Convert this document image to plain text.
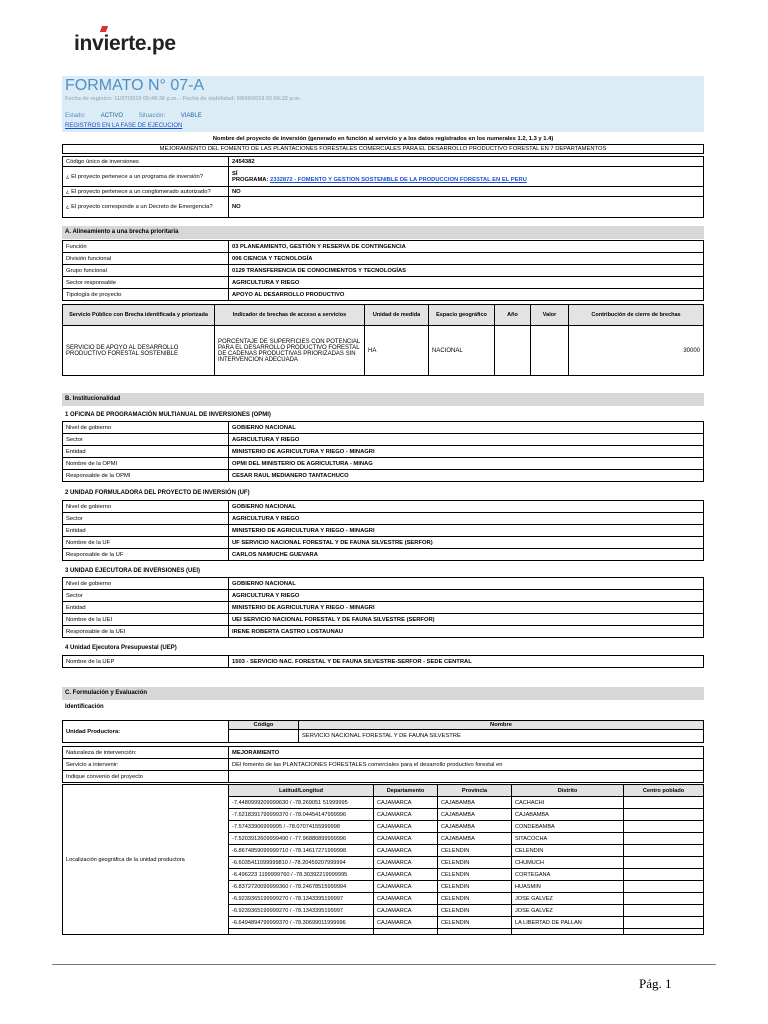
invierte.pe
FORMATO N° 07-A
Fecha de registro: 11/07/2019 05:48:36 p.m. - Fecha de viabilidad: 09/09/2019 03:56:22 p.m.
Estado:	ACTIVO	Situación:	VIABLE
REGISTROS EN LA FASE DE EJECUCION
Nombre del proyecto de inversión (generado en función al servicio y a los datos registrados en los numerales 1.2, 1.3 y 1.4)
MEJORAMIENTO DEL FOMENTO DE LAS PLANTACIONES FORESTALES COMERCIALES PARA EL DESARROLLO PRODUCTIVO FORESTAL EN 7 DEPARTAMENTOS
Código único de inversiones	2454382
¿ El proyecto pertenece a un programa de inversión?	SÍ
PROGRAMA: 2332872 - FOMENTO Y GESTION SOSTENIBLE DE LA PRODUCCION FORESTAL EN EL PERU

¿ El proyecto pertenece a un conglomerado autorizado?	NO
¿ El proyecto corresponde a un Decreto de Emergencia?	NO
A. Alineamiento a una brecha prioritaria
Función	03 PLANEAMIENTO, GESTIÓN Y RESERVA DE CONTINGENCIA
División funcional	006 CIENCIA Y TECNOLOGÍA
Grupo funcional	0129 TRANSFERENCIA DE CONOCIMIENTOS Y TECNOLOGÍAS
Sector responsable	AGRICULTURA Y RIEGO
Tipología de proyecto	APOYO AL DESARROLLO PRODUCTIVO
Servicio Público con Brecha identificada y priorizada	Indicador de brechas de acceso a servicios	Unidad de medida	Espacio geográfico	Año	Valor	Contribución de cierre de brechas
SERVICIO DE APOYO AL DESARROLLO PRODUCTIVO FORESTAL SOSTENIBLE	PORCENTAJE DE SUPERFICIES CON POTENCIAL PARA EL DESARROLLO PRODUCTIVO FORESTAL DE CADENAS PRODUCTIVAS PRIORIZADAS SIN INTERVENCION ADECUADA	HA	NACIONAL			30000
B. Institucionalidad
1 OFICINA DE PROGRAMACIÓN MULTIANUAL DE INVERSIONES (OPMI)
Nivel de gobierno	GOBIERNO NACIONAL
Sector	AGRICULTURA Y RIEGO
Entidad	MINISTERIO DE AGRICULTURA Y RIEGO - MINAGRI
Nombre de la OPMI	OPMI DEL MINISTERIO DE AGRICULTURA - MINAG
Responsable de la OPMI	CESAR RAUL MEDIANERO TANTACHUCO
2 UNIDAD FORMULADORA DEL PROYECTO DE INVERSIÓN (UF)
Nivel de gobierno	GOBIERNO NACIONAL
Sector	AGRICULTURA Y RIEGO
Entidad	MINISTERIO DE AGRICULTURA Y RIEGO - MINAGRI
Nombre de la UF	UF SERVICIO NACIONAL FORESTAL Y DE FAUNA SILVESTRE (SERFOR)
Responsable de la UF	CARLOS NAMUCHE GUEVARA
3 UNIDAD EJECUTORA DE INVERSIONES (UEI)
Nivel de gobierno	GOBIERNO NACIONAL
Sector	AGRICULTURA Y RIEGO
Entidad	MINISTERIO DE AGRICULTURA Y RIEGO - MINAGRI
Nombre de la UEI	UEI SERVICIO NACIONAL FORESTAL Y DE FAUNA SILVESTRE (SERFOR)
Responsable de la UEI	IRENE ROBERTA CASTRO LOSTAUNAU
4 Unidad Ejecutora Presupuestal (UEP)
Nombre de la UEP	1503 - SERVICIO NAC. FORESTAL Y DE FAUNA SILVESTRE-SERFOR - SEDE CENTRAL
C. Formulación y Evaluación
Identificación
Unidad Productora:	Código	Nombre
		SERVICIO NACIONAL FORESTAL Y DE FAUNA SILVESTRE
Naturaleza de intervención:	MEJORAMIENTO
Servicio a intervenir:	DEl fomento de las PLANTACIONES FORESTALES comerciales para el desarrollo productivo forestal en
Indique convenio del proyecto	
Localización geográfica de la unidad productora	Latitud/Longitud	Departamento	Provincia	Distrito	Centro poblado
	-7.4480999209999630 / -78.269051 51999995	CAJAMARCA	CAJABAMBA	CACHACHI	
	-7.6218391799999370 / -78.04454147999996	CAJAMARCA	CAJABAMBA	CAJABAMBA	
	-7.57433906999995 / -78.07074155999998	CAJAMARCA	CAJABAMBA	CONDEBAMBA	
	-7.5203912609999490 / -77.96880899999996	CAJAMARCA	CAJABAMBA	SITACOCHA	
	-6.8674859099999710 / -78.14617271999998	CAJAMARCA	CELENDIN	CELENDIN	
	-6.6035411099999810 / -78.20459207999994	CAJAMARCA	CELENDIN	CHUMUCH	
	-6.496223 1199999760 / -78.30392219999995	CAJAMARCA	CELENDIN	CORTEGANA	
	-6.8372720099999360 / -78.24678515999994	CAJAMARCA	CELENDIN	HUASMIN	
	-6.9239365199999270 / -78.1343395199997	CAJAMARCA	CELENDIN	JOSE GALVEZ	
	-6.9239365199999270 / -78.1343395199997	CAJAMARCA	CELENDIN	JOSE GALVEZ	
	-6.6494894799999370 / -78.30699011999996	CAJAMARCA	CELENDIN	LA LIBERTAD DE PALLAN	

Pág. 1
